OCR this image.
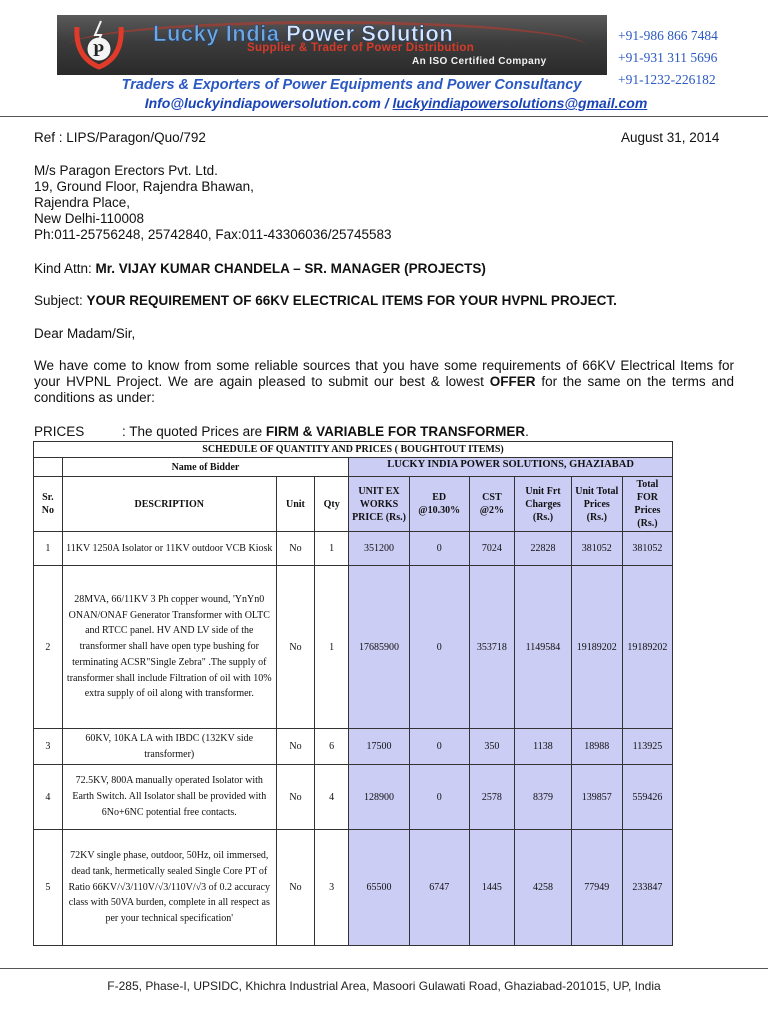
P
Lucky India Power Solution
Supplier & Trader of Power Distribution
An ISO Certified Company
+91-986 866 7484
+91-931 311 5696
+91-1232-226182
Traders & Exporters of Power Equipments and Power Consultancy
Info@luckyindiapowersolution.com / luckyindiapowersolutions@gmail.com
Ref : LIPS/Paragon/Quo/792	August 31, 2014
M/s Paragon Erectors Pvt. Ltd.
19, Ground Floor, Rajendra Bhawan,
Rajendra Place,
New Delhi-110008
Ph:011-25756248, 25742840, Fax:011-43306036/25745583
Kind Attn: Mr. VIJAY KUMAR CHANDELA – SR. MANAGER (PROJECTS)
Subject: YOUR REQUIREMENT OF 66KV ELECTRICAL ITEMS FOR YOUR HVPNL PROJECT.
Dear Madam/Sir,
We have come to know from some reliable sources that you have some requirements of 66KV Electrical Items for your HVPNL Project. We are again pleased to submit our best & lowest OFFER for the same on the terms and conditions as under:
PRICES	: The quoted Prices are FIRM & VARIABLE FOR TRANSFORMER.
SCHEDULE OF QUANTITY AND PRICES ( BOUGHTOUT ITEMS)									
	Name of Bidder			LUCKY INDIA POWER SOLUTIONS, GHAZIABAD					
Sr. No	DESCRIPTION	Unit	Qty	UNIT EX WORKS PRICE (Rs.)	ED @10.30%	CST @2%	Unit Frt Charges (Rs.)	Unit Total Prices (Rs.)	Total FOR Prices (Rs.)
1	11KV 1250A Isolator or 11KV outdoor VCB Kiosk	No	1	351200	0	7024	22828	381052	381052
2	28MVA, 66/11KV 3 Ph copper wound, 'YnYn0 ONAN/ONAF Generator Transformer with OLTC and RTCC panel. HV AND LV side of the transformer shall have open type bushing for terminating ACSR"Single Zebra" .The supply of transformer shall include Filtration of oil with 10% extra supply of oil along with transformer.	No	1	17685900	0	353718	1149584	19189202	19189202
3	60KV, 10KA LA with IBDC (132KV side transformer)	No	6	17500	0	350	1138	18988	113925
4	72.5KV, 800A manually operated Isolator with Earth Switch. All Isolator shall be provided with 6No+6NC potential free contacts.	No	4	128900	0	2578	8379	139857	559426
5	72KV single phase, outdoor, 50Hz, oil immersed, dead tank, hermetically sealed Single Core PT of Ratio 66KV/√3/110V/√3/110V/√3 of 0.2 accuracy class with 50VA burden, complete in all respect as per your technical specification'	No	3	65500	6747	1445	4258	77949	233847
F-285, Phase-I, UPSIDC, Khichra Industrial Area, Masoori Gulawati Road, Ghaziabad-201015, UP, India
